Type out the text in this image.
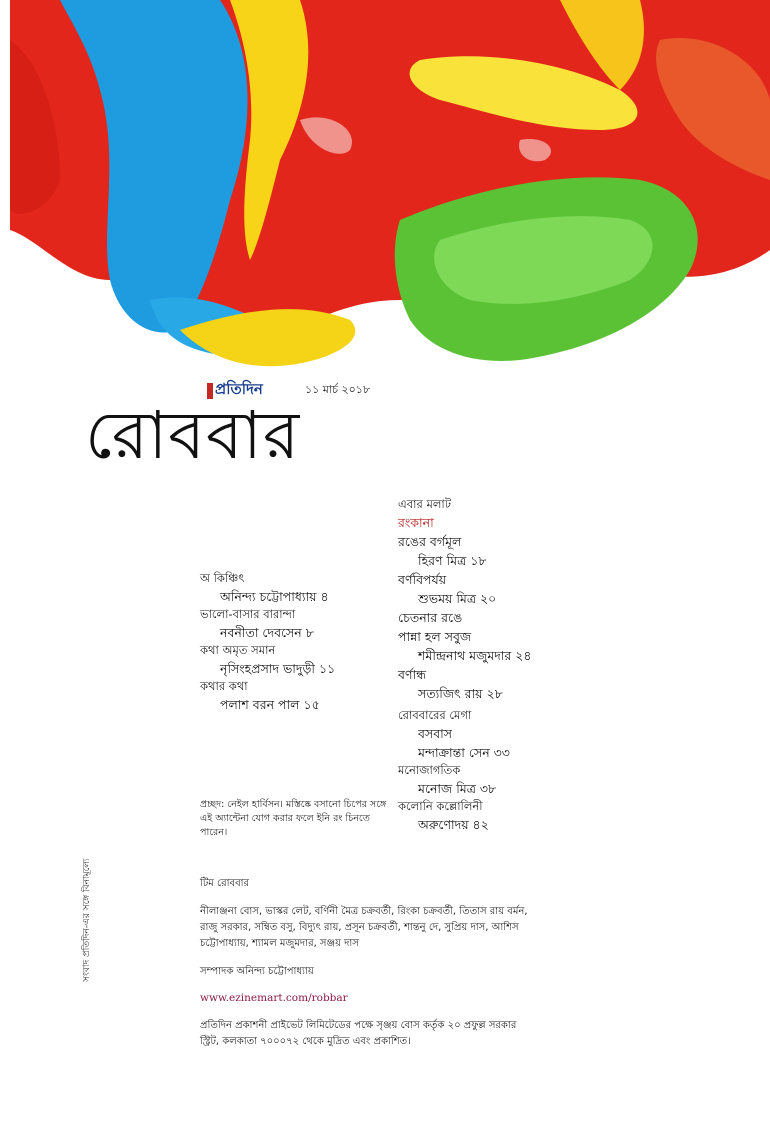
প্রতিদিন	১১ মার্চ ২০১৮
রোববার
এবার মলাট
রংকানা
রঙের বর্গমূল
হিরণ মিত্র ১৮
বর্ণবিপর্যয়
শুভময় মিত্র ২০
চেতনার রঙে
পান্না হল সবুজ
শমীন্দ্রনাথ মজুমদার ২৪
বর্ণান্ধ
সত্যজিৎ রায় ২৮
রোববারের মেগা
বসবাস
মন্দাক্রান্তা সেন ৩৩
মনোজাগতিক
মনোজ মিত্র ৩৮
কলোনি কল্লোলিনী
অরুণোদয় ৪২
অ কিঞ্চিৎ
অনিন্দ্য চট্টোপাধ্যায় ৪
ভালো-বাসার বারান্দা
নবনীতা দেবসেন ৮
কথা অমৃত সমান
নৃসিংহপ্রসাদ ভাদুড়ী ১১
কথার কথা
পলাশ বরন পাল ১৫
প্রচ্ছদ: নেইল হার্বিসন। মস্তিষ্কে বসানো চিপের সঙ্গে এই অ্যান্টেনা যোগ করার ফলে ইনি রং চিনতে পারেন।
সংবাদ প্রতিদিন-এর সঙ্গে বিনামূল্যে	টিম রোববার
নীলাঞ্জনা বোস, ভাস্কর লেট, বর্ণিনী মৈত্র চক্রবর্তী, রিংকা চক্রবর্তী, তিতাস রায় বর্মন, রাজু সরকার, সম্বিত বসু, বিদ্যুৎ রায়, প্রসূন চক্রবর্তী, শান্তনু দে, সুপ্রিয় দাস, আশিস চট্টোপাধ্যায়, শ্যামল মজুমদার, সঞ্জয় দাস
সম্পাদক অনিন্দ্য চট্টোপাধ্যায়
www.ezinemart.com/robbar
প্রতিদিন প্রকাশনী প্রাইভেট লিমিটেডের পক্ষে সৃঞ্জয় বোস কর্তৃক ২০ প্রফুল্ল সরকার স্ট্রিট, কলকাতা ৭০০০৭২ থেকে মুদ্রিত এবং প্রকাশিত।
